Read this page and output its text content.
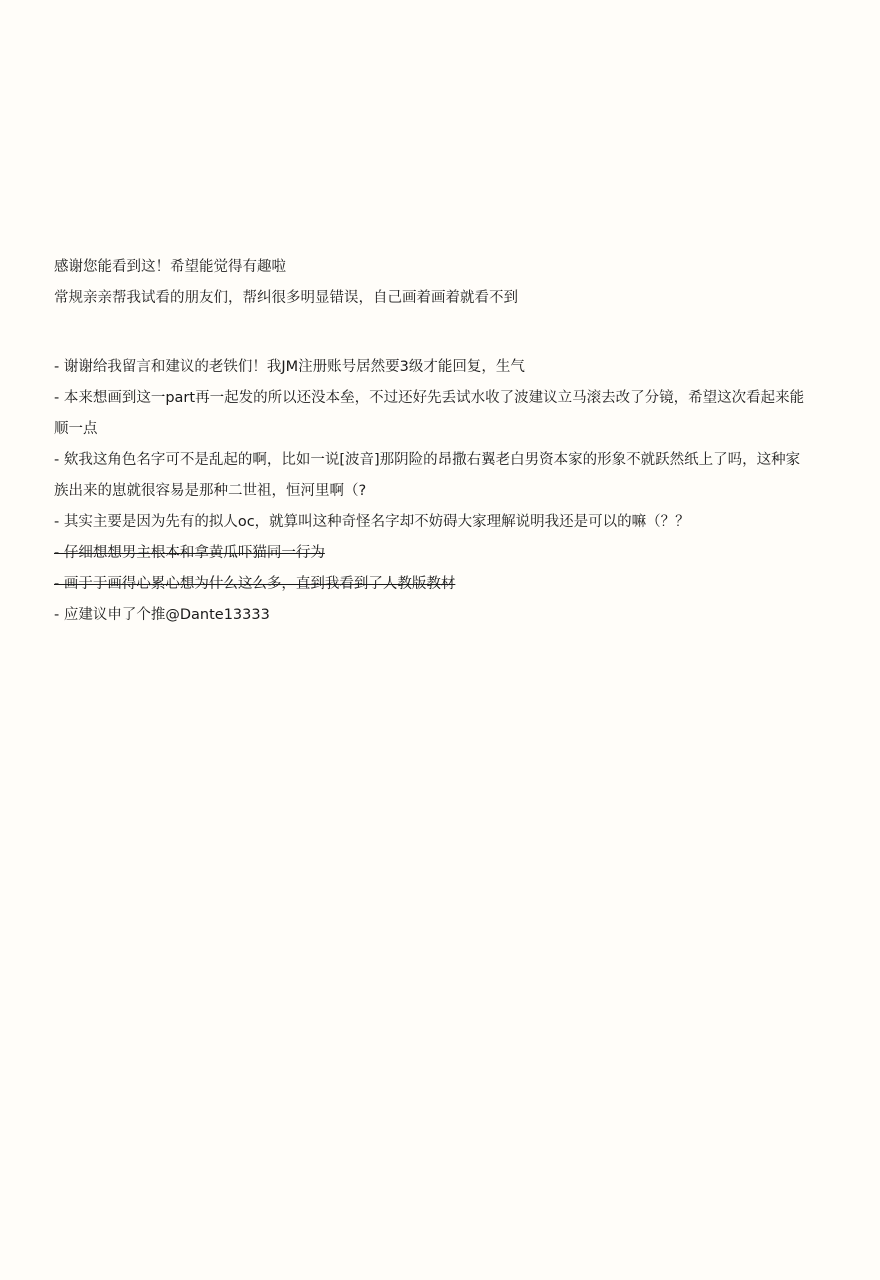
感谢您能看到这！希望能觉得有趣啦
常规亲亲帮我试看的朋友们，帮纠很多明显错误，自己画着画着就看不到
- 谢谢给我留言和建议的老铁们！我JM注册账号居然要3级才能回复，生气
- 本来想画到这一part再一起发的所以还没本垒，不过还好先丢试水收了波建议立马滚去改了分镜，希望这次看起来能顺一点
- 欸我这角色名字可不是乱起的啊，比如一说[波音]那阴险的昂撒右翼老白男资本家的形象不就跃然纸上了吗，这种家族出来的崽就很容易是那种二世祖，恒河里啊（?
- 其实主要是因为先有的拟人oc，就算叫这种奇怪名字却不妨碍大家理解说明我还是可以的嘛（？？
- 仔细想想男主根本和拿黄瓜吓猫同一行为
- 画于于画得心累心想为什么这么多，直到我看到了人教版教材
- 应建议申了个推@Dante13333
